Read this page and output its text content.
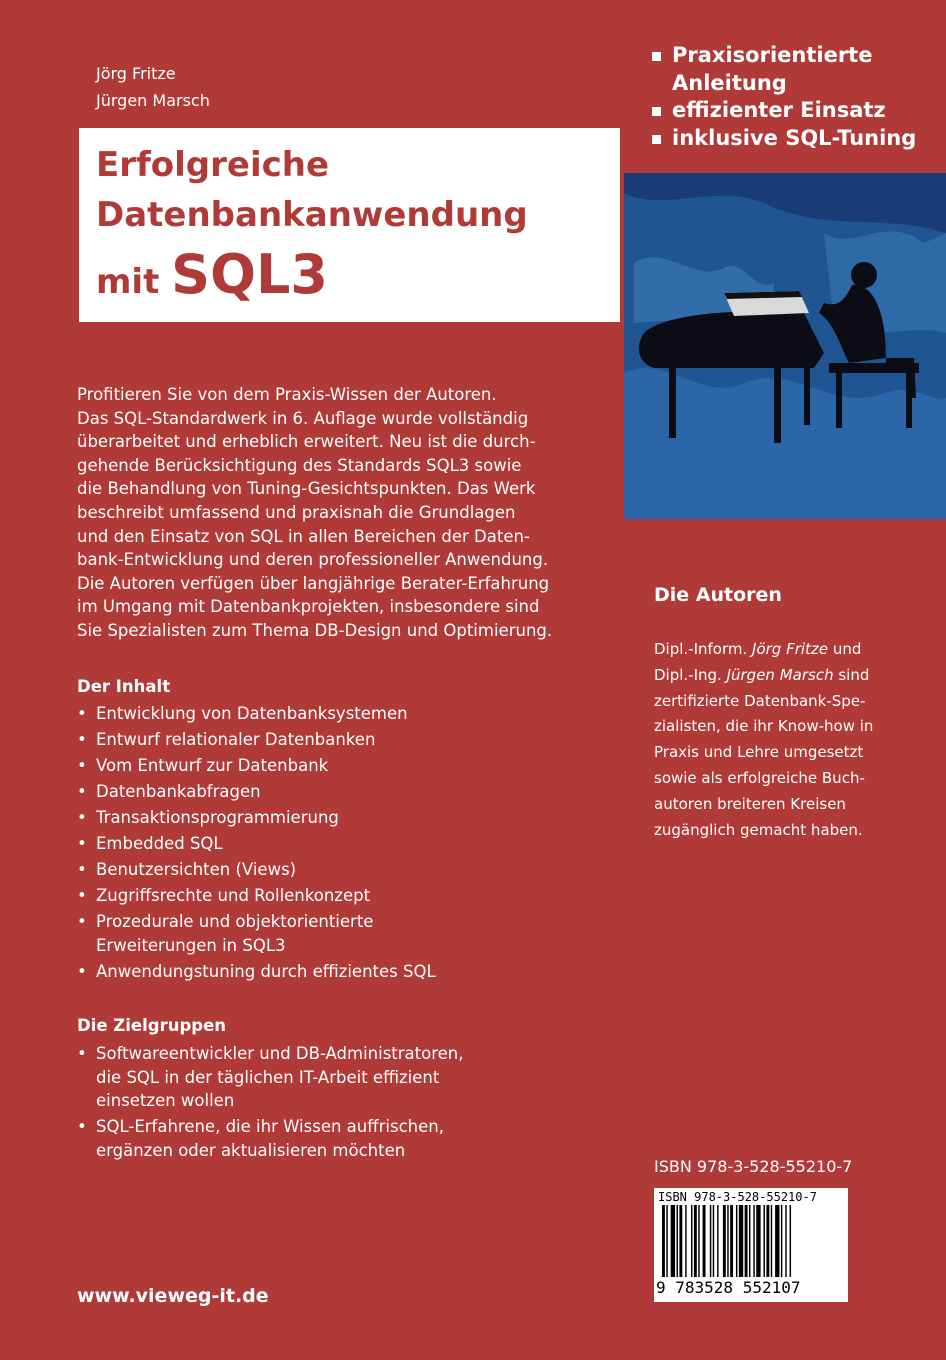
Jörg Fritze
Jürgen Marsch
Erfolgreiche
Datenbankanwendung
mit SQL3
Praxisorientierte
Anleitung
effizienter Einsatz
inklusive SQL-Tuning
Profitieren Sie von dem Praxis-Wissen der Autoren.
Das SQL-Standardwerk in 6. Auflage wurde vollständig
überarbeitet und erheblich erweitert. Neu ist die durch-
gehende Berücksichtigung des Standards SQL3 sowie
die Behandlung von Tuning-Gesichtspunkten. Das Werk
beschreibt umfassend und praxisnah die Grundlagen
und den Einsatz von SQL in allen Bereichen der Daten-
bank-Entwicklung und deren professioneller Anwendung.
Die Autoren verfügen über langjährige Berater-Erfahrung
im Umgang mit Datenbankprojekten, insbesondere sind
Sie Spezialisten zum Thema DB-Design und Optimierung.
Der Inhalt
• Entwicklung von Datenbanksystemen
• Entwurf relationaler Datenbanken
• Vom Entwurf zur Datenbank
• Datenbankabfragen
• Transaktionsprogrammierung
• Embedded SQL
• Benutzersichten (Views)
• Zugriffsrechte und Rollenkonzept
• Prozedurale und objektorientierte
Erweiterungen in SQL3
• Anwendungstuning durch effizientes SQL
Die Zielgruppen
• Softwareentwickler und DB-Administratoren,
die SQL in der täglichen IT-Arbeit effizient
einsetzen wollen
• SQL-Erfahrene, die ihr Wissen auffrischen,
ergänzen oder aktualisieren möchten
Die Autoren
Dipl.-Inform. Jörg Fritze und
Dipl.-Ing. Jürgen Marsch sind
zertifizierte Datenbank-Spe-
zialisten, die ihr Know-how in
Praxis und Lehre umgesetzt
sowie als erfolgreiche Buch-
autoren breiteren Kreisen
zugänglich gemacht haben.
ISBN 978-3-528-55210-7
ISBN 978-3-528-55210-7
9 783528 552107
www.vieweg-it.de
